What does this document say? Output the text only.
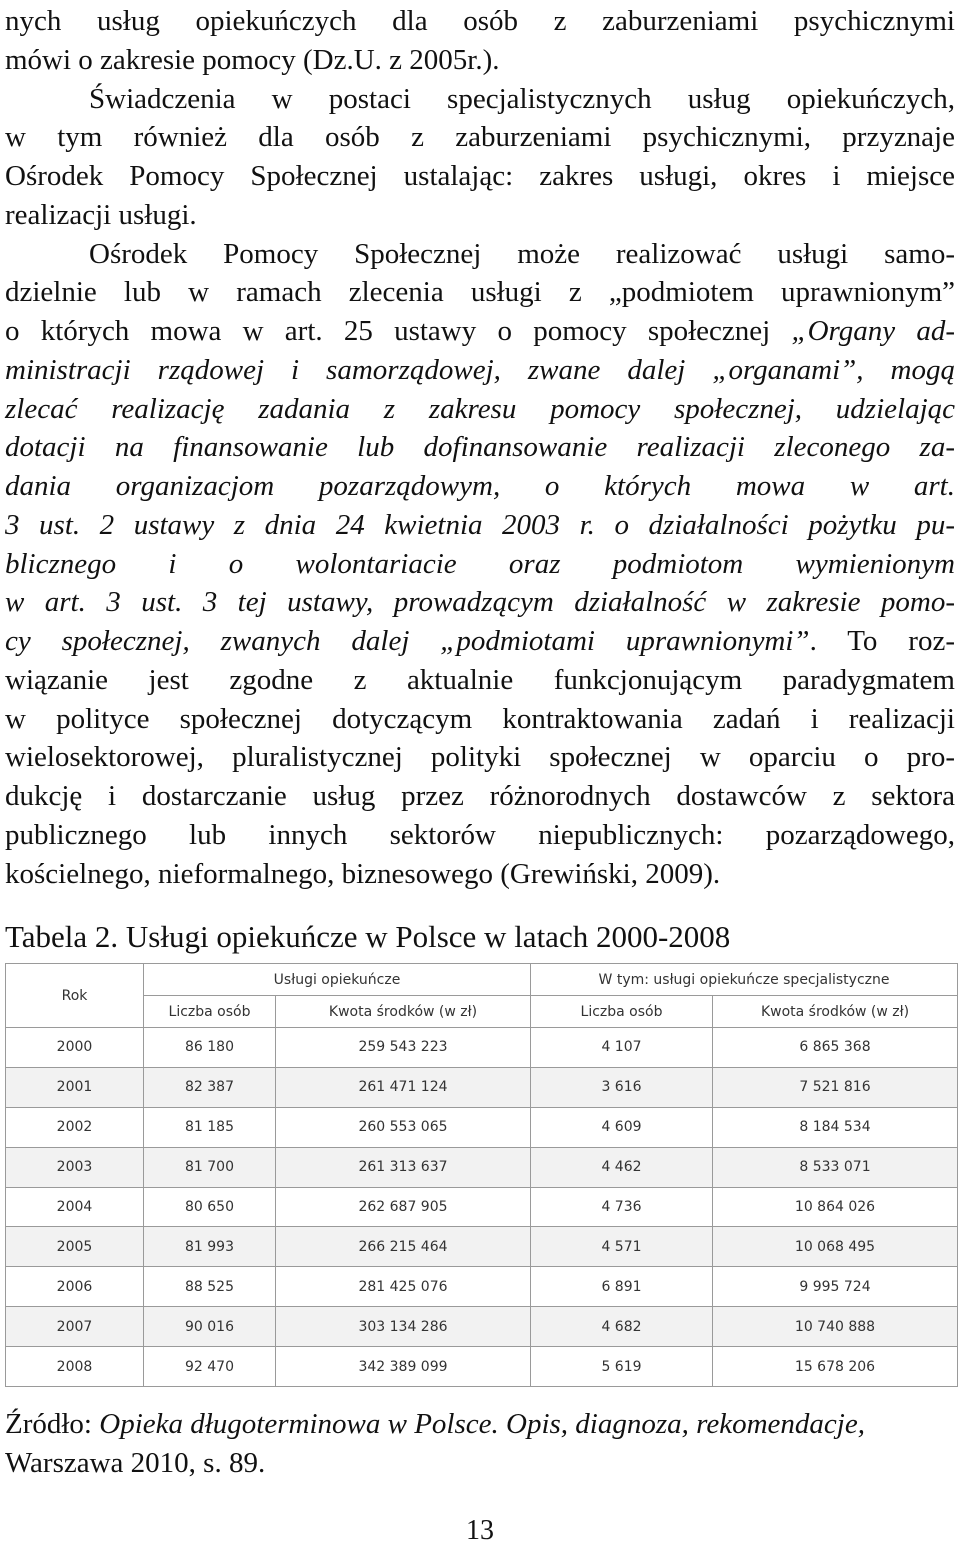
nych usług opiekuńczych dla osób z zaburzeniami psychicznymi
mówi o zakresie pomocy (Dz.U. z 2005r.).
Świadczenia w postaci specjalistycznych usług opiekuńczych,
w tym również dla osób z zaburzeniami psychicznymi, przyznaje
Ośrodek Pomocy Społecznej ustalając: zakres usługi, okres i miejsce
realizacji usługi.
Ośrodek Pomocy Społecznej może realizować usługi samo-
dzielnie lub w ramach zlecenia usługi z „podmiotem uprawnionym”
o których mowa w art. 25 ustawy o pomocy społecznej „Organy ad-
ministracji rządowej i samorządowej, zwane dalej „organami”, mogą
zlecać realizację zadania z zakresu pomocy społecznej, udzielając
dotacji na finansowanie lub dofinansowanie realizacji zleconego za-
dania organizacjom pozarządowym, o których mowa w art.
3 ust. 2 ustawy z dnia 24 kwietnia 2003 r. o działalności pożytku pu-
blicznego i o wolontariacie oraz podmiotom wymienionym
w art. 3 ust. 3 tej ustawy, prowadzącym działalność w zakresie pomo-
cy społecznej, zwanych dalej „podmiotami uprawnionymi”. To roz-
wiązanie jest zgodne z aktualnie funkcjonującym paradygmatem
w polityce społecznej dotyczącym kontraktowania zadań i realizacji
wielosektorowej, pluralistycznej polityki społecznej w oparciu o pro-
dukcję i dostarczanie usług przez różnorodnych dostawców z sektora
publicznego lub innych sektorów niepublicznych: pozarządowego,
kościelnego, nieformalnego, biznesowego (Grewiński, 2009).
Tabela 2. Usługi opiekuńcze w Polsce w latach 2000-2008
Rok	Usługi opiekuńcze		W tym: usługi opiekuńcze specjalistyczne	
	Liczba osób	Kwota środków (w zł)	Liczba osób	Kwota środków (w zł)
2000	86 180	259 543 223	4 107	6 865 368
2001	82 387	261 471 124	3 616	7 521 816
2002	81 185	260 553 065	4 609	8 184 534
2003	81 700	261 313 637	4 462	8 533 071
2004	80 650	262 687 905	4 736	10 864 026
2005	81 993	266 215 464	4 571	10 068 495
2006	88 525	281 425 076	6 891	9 995 724
2007	90 016	303 134 286	4 682	10 740 888
2008	92 470	342 389 099	5 619	15 678 206
Źródło: Opieka długoterminowa w Polsce. Opis, diagnoza, rekomendacje,
Warszawa 2010, s. 89.
13
